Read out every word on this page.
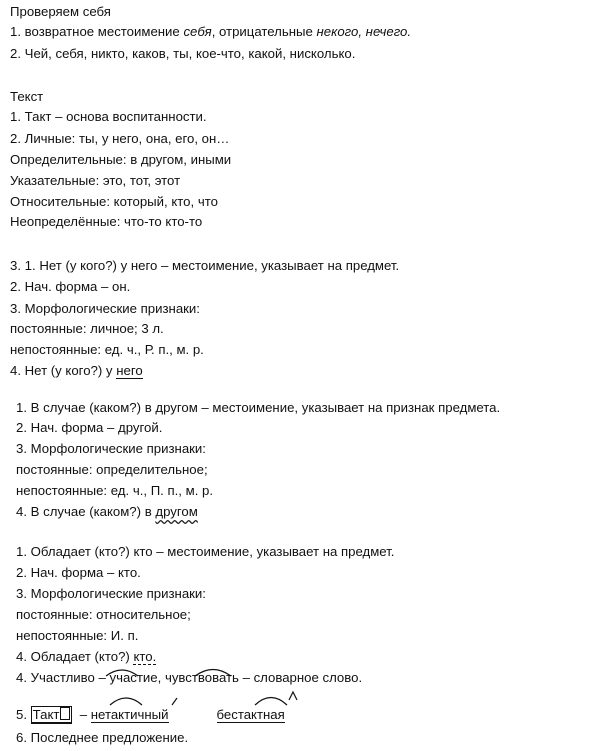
Проверяем себя
1. возвратное местоимение себя, отрицательные некого, нечего.
2. Чей, себя, никто, каков, ты, кое-что, какой, нисколько.
Текст
1. Такт – основа воспитанности.
2. Личные: ты, у него, она, его, он…
Определительные: в другом, иными
Указательные: это, тот, этот
Относительные: который, кто, что
Неопределённые: что-то кто-то
3. 1. Нет (у кого?) у него – местоимение, указывает на предмет.
2. Нач. форма – он.
3. Морфологические признаки:
постоянные: личное; 3 л.
непостоянные: ед. ч., Р. п., м. р.
4. Нет (у кого?) у него
1. В случае (каком?) в другом – местоимение, указывает на признак предмета.
2. Нач. форма – другой.
3. Морфологические признаки:
постоянные: определительное;
непостоянные: ед. ч., П. п., м. р.
4. В случае (каком?) в другом
1. Обладает (кто?) кто – местоимение, указывает на предмет.
2. Нач. форма – кто.
3. Морфологические признаки:
постоянные: относительное;
непостоянные: И. п.
4. Обладает (кто?) кто.
4. Участливо – участие, чувствовать – словарное слово.
5. Такт – нетактичный	бестактная
6. Последнее предложение.
